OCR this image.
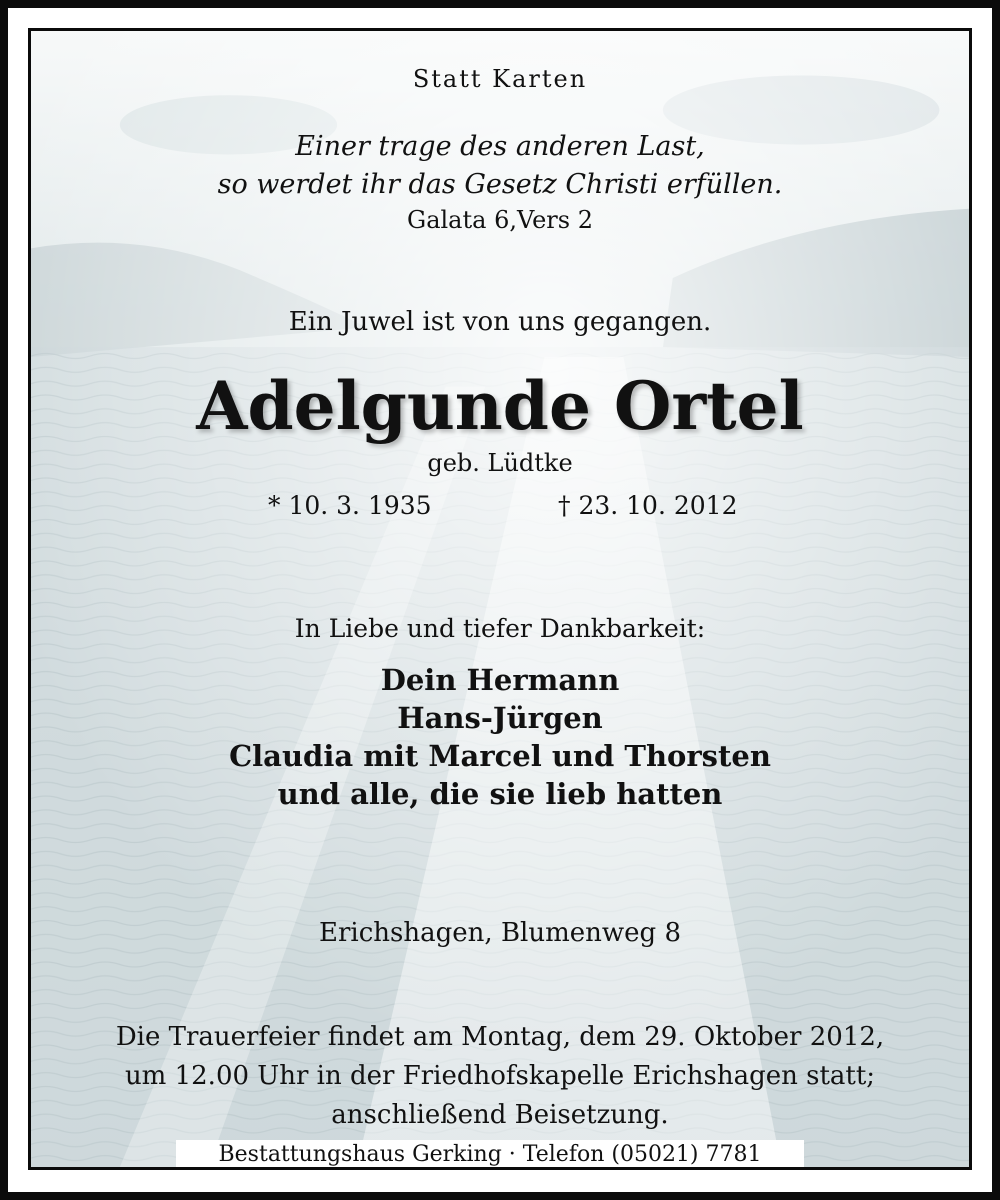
Statt Karten
Einer trage des anderen Last,
so werdet ihr das Gesetz Christi erfüllen.
Galata 6,Vers 2
Ein Juwel ist von uns gegangen.
Adelgunde Ortel
geb. Lüdtke
* 10. 3. 1935	† 23. 10. 2012
In Liebe und tiefer Dankbarkeit:
Dein Hermann
Hans-Jürgen
Claudia mit Marcel und Thorsten
und alle, die sie lieb hatten
Erichshagen, Blumenweg 8
Die Trauerfeier findet am Montag, dem 29. Oktober 2012,
um 12.00 Uhr in der Friedhofskapelle Erichshagen statt;
anschließend Beisetzung.
Bestattungshaus Gerking · Telefon (05021) 7781
